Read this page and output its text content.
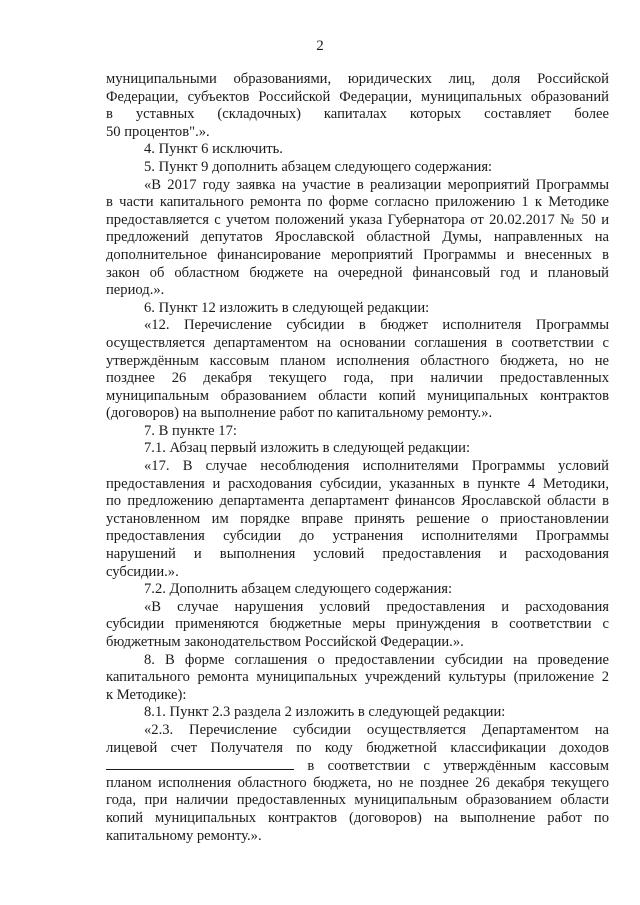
2
муниципальными образованиями, юридических лиц, доля Российской
Федерации, субъектов Российской Федерации, муниципальных образований
в уставных (складочных) капиталах которых составляет более
50 процентов".».
4. Пункт 6 исключить.
5. Пункт 9 дополнить абзацем следующего содержания:
«В 2017 году заявка на участие в реализации мероприятий Программы
в части капитального ремонта по форме согласно приложению 1 к Методике
предоставляется с учетом положений указа Губернатора от 20.02.2017 № 50 и
предложений депутатов Ярославской областной Думы, направленных на
дополнительное финансирование мероприятий Программы и внесенных в
закон об областном бюджете на очередной финансовый год и плановый
период.».
6. Пункт 12 изложить в следующей редакции:
«12. Перечисление субсидии в бюджет исполнителя Программы
осуществляется департаментом на основании соглашения в соответствии с
утверждённым кассовым планом исполнения областного бюджета, но не
позднее 26 декабря текущего года, при наличии предоставленных
муниципальным образованием области копий муниципальных контрактов
(договоров) на выполнение работ по капитальному ремонту.».
7. В пункте 17:
7.1. Абзац первый изложить в следующей редакции:
«17. В случае несоблюдения исполнителями Программы условий
предоставления и расходования субсидии, указанных в пункте 4 Методики,
по предложению департамента департамент финансов Ярославской области в
установленном им порядке вправе принять решение о приостановлении
предоставления субсидии до устранения исполнителями Программы
нарушений и выполнения условий предоставления и расходования
субсидии.».
7.2. Дополнить абзацем следующего содержания:
«В случае нарушения условий предоставления и расходования
субсидии применяются бюджетные меры принуждения в соответствии с
бюджетным законодательством Российской Федерации.».
8. В форме соглашения о предоставлении субсидии на проведение
капитального ремонта муниципальных учреждений культуры (приложение 2
к Методике):
8.1. Пункт 2.3 раздела 2 изложить в следующей редакции:
«2.3. Перечисление субсидии осуществляется Департаментом на
лицевой счет Получателя по коду бюджетной классификации доходов
в соответствии с утверждённым кассовым
планом исполнения областного бюджета, но не позднее 26 декабря текущего
года, при наличии предоставленных муниципальным образованием области
копий муниципальных контрактов (договоров) на выполнение работ по
капитальному ремонту.».
